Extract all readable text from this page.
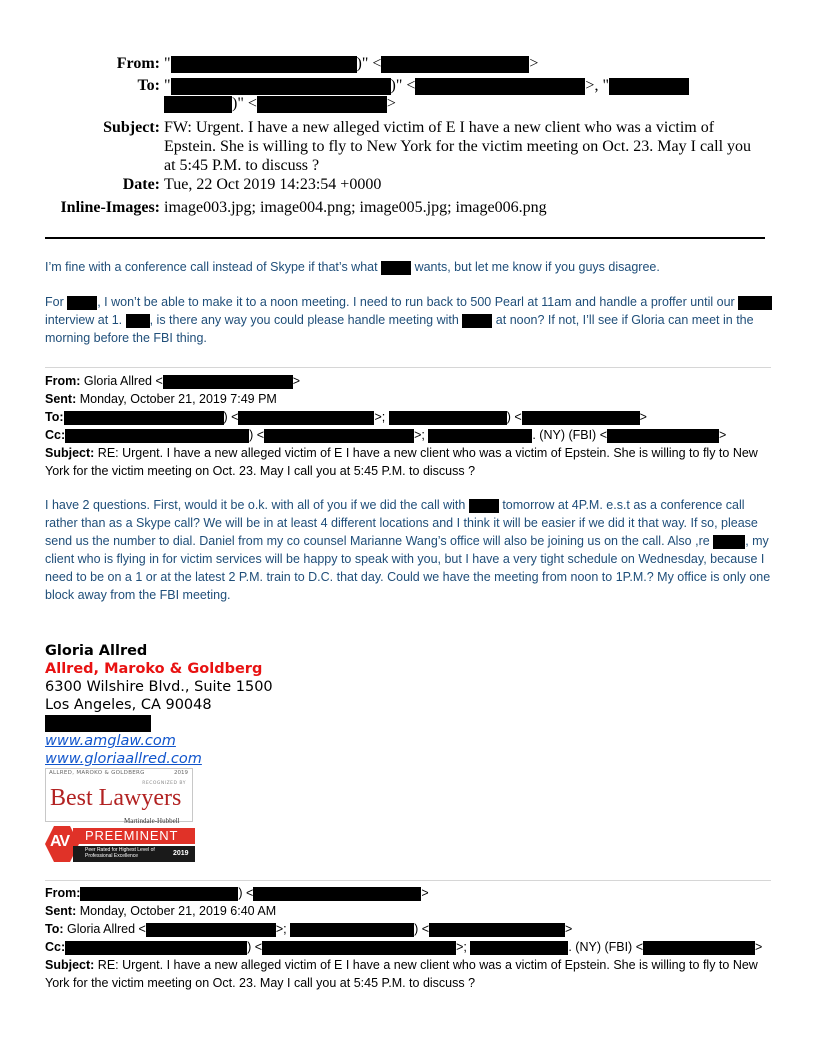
From: "	)" <	>
To: "	)" <	>, "
)" <	>
Subject: FW: Urgent. I have a new alleged victim of E I have a new client who was a victim of Epstein. She is willing to fly to New York for the victim meeting on Oct. 23. May I call you at 5:45 P.M. to discuss ?
Date: Tue, 22 Oct 2019 14:23:54 +0000
Inline-Images: image003.jpg; image004.png; image005.jpg; image006.png
I’m fine with a conference call instead of Skype if that’s what	wants, but let me know if you guys disagree.
For	, I won’t be able to make it to a noon meeting. I need to run back to 500 Pearl at 11am and handle a proffer until our  interview at 1. , is there any way you could please handle meeting with	at noon? If not, I’ll see if Gloria can meet in the morning before the FBI thing.
From: Gloria Allred <	>
Sent: Monday, October 21, 2019 7:49 PM
To:	) <	>;	) <	>
Cc:	) <	>;	. (NY) (FBI) <	>
Subject: RE: Urgent. I have a new alleged victim of E I have a new client who was a victim of Epstein. She is willing to fly to New York for the victim meeting on Oct. 23. May I call you at 5:45 P.M. to discuss ?
I have 2 questions. First, would it be o.k. with all of you if we did the call with	tomorrow at 4P.M. e.s.t as a conference call rather than as a Skype call? We will be in at least 4 different locations and I think it will be easier if we did it that way. If so, please send us the number to dial. Daniel from my co counsel Marianne Wang’s office will also be joining us on the call. Also ,re	, my client who is flying in for victim services will be happy to speak with you, but I have a very tight schedule on Wednesday, because I need to be on a 1 or at the latest 2 P.M. train to D.C. that day. Could we have the meeting from noon to 1P.M.? My office is only one block away from the FBI meeting.
Gloria Allred
Allred, Maroko & Goldberg
6300 Wilshire Blvd., Suite 1500
Los Angeles, CA 90048
www.amglaw.com
www.gloriaallred.com
ALLRED, MAROKO & GOLDBERG	2019
RECOGNIZED BY
Best Lawyers
Martindale-Hubbell
AV PREEMINENT
Peer Rated for Highest Level of Professional Excellence	2019
From:	) <	>
Sent: Monday, October 21, 2019 6:40 AM
To: Gloria Allred <	>;	) <	>
Cc:	) <	>;	. (NY) (FBI) <	>
Subject: RE: Urgent. I have a new alleged victim of E I have a new client who was a victim of Epstein. She is willing to fly to New York for the victim meeting on Oct. 23. May I call you at 5:45 P.M. to discuss ?
